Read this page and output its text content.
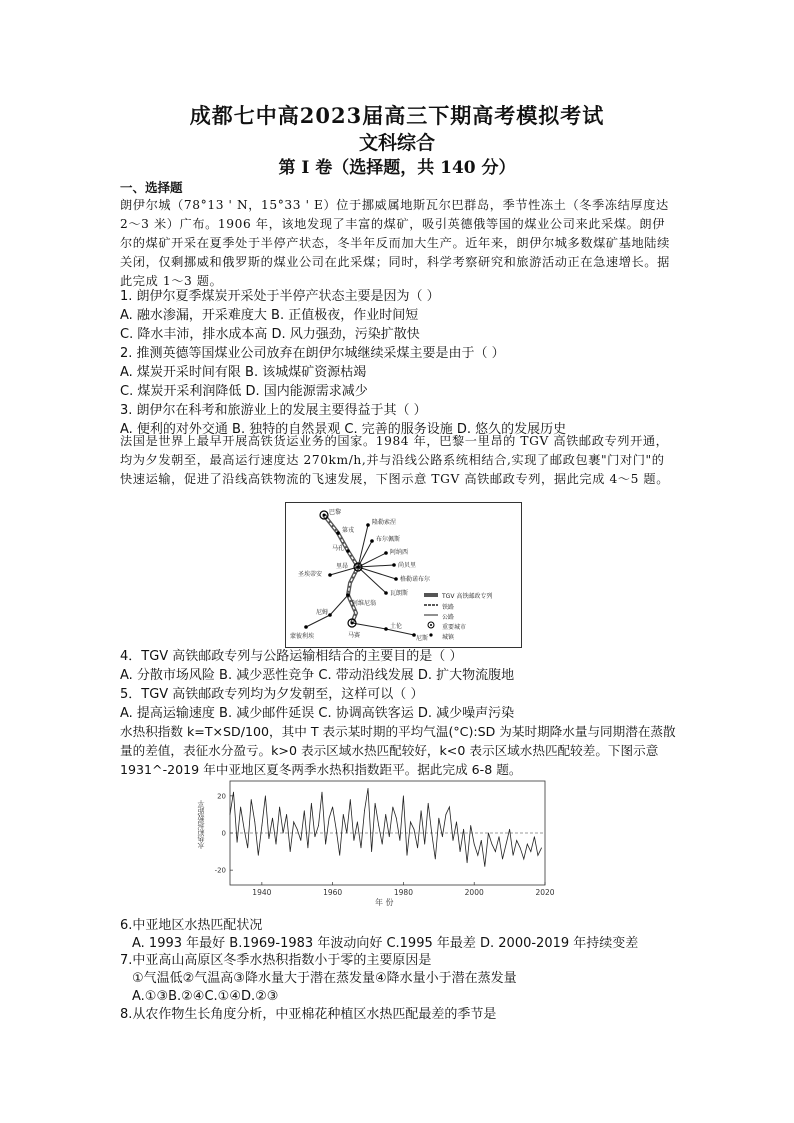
成都七中高2023届高三下期高考模拟考试
文科综合
第 I 卷（选择题，共 140 分）
一、选择题
朗伊尔城（78°13 ' N，15°33 ' E）位于挪威属地斯瓦尔巴群岛，季节性冻土（冬季冻结厚度达 2～3 米）广布。1906 年，该地发现了丰富的煤矿，吸引英德俄等国的煤业公司来此采煤。朗伊尔的煤矿开采在夏季处于半停产状态，冬半年反而加大生产。近年来，朗伊尔城多数煤矿基地陆续关闭，仅剩挪威和俄罗斯的煤业公司在此采煤；同时，科学考察研究和旅游活动正在急速增长。据此完成 1～3 题。
1. 朗伊尔夏季煤炭开采处于半停产状态主要是因为（ ）
A. 融水渗漏，开采难度大 B. 正值极夜，作业时间短
C. 降水丰沛，排水成本高 D. 风力强劲，污染扩散快
2. 推测英德等国煤业公司放弃在朗伊尔城继续采煤主要是由于（ ）
A. 煤炭开采时间有限 B. 该城煤矿资源枯竭
C. 煤炭开采利润降低 D. 国内能源需求减少
3. 朗伊尔在科考和旅游业上的发展主要得益于其（ ）
A. 便利的对外交通 B. 独特的自然景观 C. 完善的服务设施 D. 悠久的发展历史
法国是世界上最早开展高铁货运业务的国家。1984 年，巴黎一里昂的 TGV 高铁邮政专列开通，均为夕发朝至，最高运行速度达 270km/h,并与沿线公路系统相结合,实现了邮政包裹"门对门"的快速运输，促进了沿线高铁物流的飞速发展，下图示意 TGV 高铁邮政专列，据此完成 4～5 题。
巴黎
第戎
隆勒索涅
布尔佩斯
马孔
阿纳西
里昂	尚贝里
圣埃蒂安
格勒诺布尔
瓦朗斯
阿维尼翁
尼姆
蒙彼利埃	马赛
土伦
尼斯
TGV 高铁邮政专列
铁路
公路
重要城市
城镇
4．TGV 高铁邮政专列与公路运输相结合的主要目的是（ ）
A. 分散市场风险 B. 减少恶性竞争 C. 带动沿线发展 D. 扩大物流腹地
5．TGV 高铁邮政专列均为夕发朝至，这样可以（ ）
A. 提高运输速度 B. 减少邮件延误 C. 协调高铁客运 D. 减少噪声污染
水热积指数 k=T×SD/100，其中 T 表示某时期的平均气温(°C):SD 为某时期降水量与同期潜在蒸散量的差值，表征水分盈亏。k>0 表示区域水热匹配较好，k<0 表示区域水热匹配较差。下图示意 1931^-2019 年中亚地区夏冬两季水热积指数距平。据此完成 6-8 题。
-20
0
20
1940	1960	1980	2000	2020
水热积指数距平
年 份
6.中亚地区水热匹配状况
A. 1993 年最好 B.1969-1983 年波动向好 C.1995 年最差 D. 2000-2019 年持续变差
7.中亚高山高原区冬季水热积指数小于零的主要原因是
①气温低②气温高③降水量大于潜在蒸发量④降水量小于潜在蒸发量
A.①③B.②④C.①④D.②③
8.从农作物生长角度分析，中亚棉花种植区水热匹配最差的季节是
